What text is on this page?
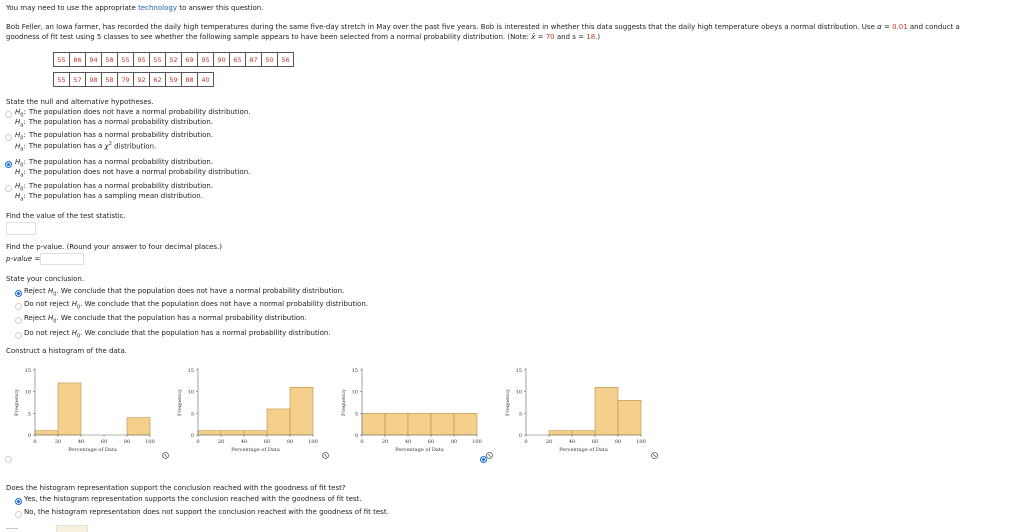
You may need to use the appropriate technology to answer this question.
Bob Feller, an Iowa farmer, has recorded the daily high temperatures during the same five-day stretch in May over the past five years. Bob is interested in whether this data suggests that the daily high temperature obeys a normal distribution. Use α = 0.01 and conduct a
goodness of fit test using 5 classes to see whether the following sample appears to have been selected from a normal probability distribution. (Note: x̄ = 70 and s = 18.)
55	86	94	58	55	95	55	52	69	95	90	65	87	50	56
55	57	98	58	79	92	62	59	88	40
State the null and alternative hypotheses.
$H_0$: The population does not have a normal probability distribution.
$H_a$: The population has a normal probability distribution.
$H_0$: The population has a normal probability distribution.
$H_a$: The population has a $\chi^2$ distribution.
$H_0$: The population has a normal probability distribution.
$H_a$: The population does not have a normal probability distribution.
$H_0$: The population has a normal probability distribution.
$H_a$: The population has a sampling mean distribution.
Find the value of the test statistic.
Find the p-value. (Round your answer to four decimal places.)
p-value =
State your conclusion.
Reject $H_0$. We conclude that the population does not have a normal probability distribution.
Do not reject $H_0$. We conclude that the population does not have a normal probability distribution.
Reject $H_0$. We conclude that the population has a normal probability distribution.
Do not reject $H_0$. We conclude that the population has a normal probability distribution.
Construct a histogram of the data.
0
5
10
15
0	20	40	60	80	100
Percentage of Data
Frequency
0
5
10
15
0	20	40	60	80	100
Percentage of Data
Frequency
0
5
10
15
0	20	40	60	80	100
Percentage of Data
Frequency
0
5
10
15
0	20	40	60	80	100
Percentage of Data
Frequency
Does the histogram representation support the conclusion reached with the goodness of fit test?
Yes, the histogram representation supports the conclusion reached with the goodness of fit test.
No, the histogram representation does not support the conclusion reached with the goodness of fit test.
